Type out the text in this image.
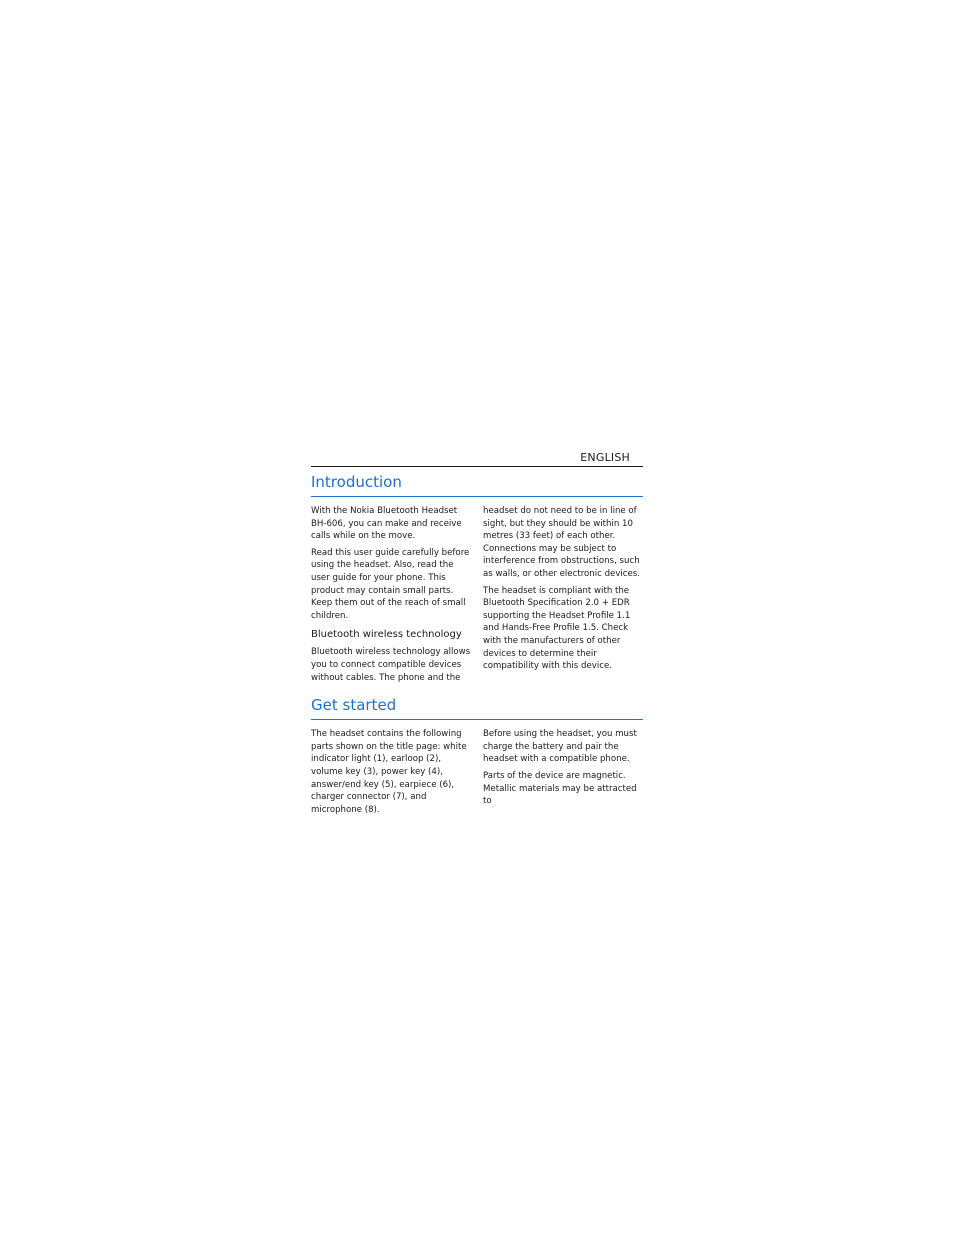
ENGLISH
Introduction

With the Nokia Bluetooth Headset BH-606, you can make and receive calls while on the move.

Read this user guide carefully before using the headset. Also, read the user guide for your phone. This product may contain small parts. Keep them out of the reach of small children.

Bluetooth wireless technology

Bluetooth wireless technology allows you to connect compatible devices without cables. The phone and the

headset do not need to be in line of sight, but they should be within 10 metres (33 feet) of each other. Connections may be subject to interference from obstructions, such as walls, or other electronic devices.

The headset is compliant with the Bluetooth Specification 2.0 + EDR supporting the Headset Profile 1.1 and Hands-Free Profile 1.5. Check with the manufacturers of other devices to determine their compatibility with this device.

Get started

The headset contains the following parts shown on the title page: white indicator light (1), earloop (2), volume key (3), power key (4), answer/end key (5), earpiece (6), charger connector (7), and microphone (8).

Before using the headset, you must charge the battery and pair the headset with a compatible phone.

Parts of the device are magnetic. Metallic materials may be attracted to
